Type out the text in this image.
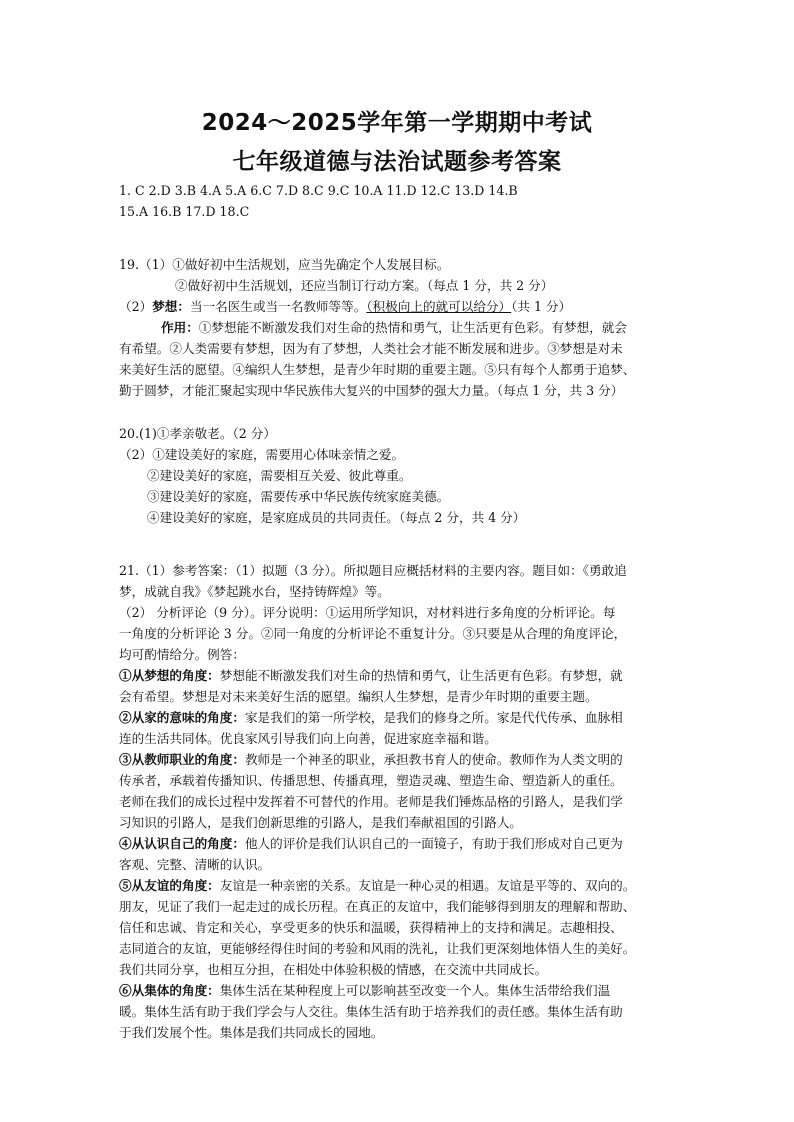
2024～2025学年第一学期期中考试
七年级道德与法治试题参考答案
1. C 2.D 3.B 4.A 5.A 6.C 7.D 8.C 9.C 10.A 11.D 12.C 13.D 14.B
15.A 16.B 17.D 18.C
19.（1）①做好初中生活规划，应当先确定个人发展目标。
②做好初中生活规划，还应当制订行动方案。（每点 1 分，共 2 分）
（2）梦想：当一名医生或当一名教师等等。（积极向上的就可以给分）（共 1 分）
作用：①梦想能不断激发我们对生命的热情和勇气，让生活更有色彩。有梦想，就会
有希望。②人类需要有梦想，因为有了梦想，人类社会才能不断发展和进步。③梦想是对未
来美好生活的愿望。④编织人生梦想，是青少年时期的重要主题。⑤只有每个人都勇于追梦、
勤于圆梦，才能汇聚起实现中华民族伟大复兴的中国梦的强大力量。（每点 1 分，共 3 分）
20.(1)①孝亲敬老。（2 分）
（2）①建设美好的家庭，需要用心体味亲情之爱。
②建设美好的家庭，需要相互关爱、彼此尊重。
③建设美好的家庭，需要传承中华民族传统家庭美德。
④建设美好的家庭，是家庭成员的共同责任。（每点 2 分，共 4 分）
21.（1）参考答案：（1）拟题（3 分）。所拟题目应概括材料的主要内容。题目如：《勇敢追
梦，成就自我》《梦起跳水台，坚持铸辉煌》等。
（2） 分析评论（9 分）。评分说明：①运用所学知识，对材料进行多角度的分析评论。每
一角度的分析评论 3 分。②同一角度的分析评论不重复计分。③只要是从合理的角度评论，
均可酌情给分。例答：
①从梦想的角度：梦想能不断激发我们对生命的热情和勇气，让生活更有色彩。有梦想，就
会有希望。梦想是对未来美好生活的愿望。编织人生梦想，是青少年时期的重要主题。
②从家的意味的角度：家是我们的第一所学校，是我们的修身之所。家是代代传承、血脉相
连的生活共同体。优良家风引导我们向上向善，促进家庭幸福和谐。
③从教师职业的角度：教师是一个神圣的职业，承担教书育人的使命。教师作为人类文明的
传承者，承载着传播知识、传播思想、传播真理，塑造灵魂、塑造生命、塑造新人的重任。
老师在我们的成长过程中发挥着不可替代的作用。老师是我们锤炼品格的引路人，是我们学
习知识的引路人，是我们创新思维的引路人，是我们奉献祖国的引路人。
④从认识自己的角度：他人的评价是我们认识自己的一面镜子，有助于我们形成对自己更为
客观、完整、清晰的认识。
⑤从友谊的角度：友谊是一种亲密的关系。友谊是一种心灵的相遇。友谊是平等的、双向的。
朋友，见证了我们一起走过的成长历程。在真正的友谊中，我们能够得到朋友的理解和帮助、
信任和忠诚、肯定和关心，享受更多的快乐和温暖，获得精神上的支持和满足。志趣相投、
志同道合的友谊，更能够经得住时间的考验和风雨的洗礼，让我们更深刻地体悟人生的美好。
我们共同分享，也相互分担，在相处中体验积极的情感，在交流中共同成长。
⑥从集体的角度：集体生活在某种程度上可以影响甚至改变一个人。集体生活带给我们温
暖。集体生活有助于我们学会与人交往。集体生活有助于培养我们的责任感。集体生活有助
于我们发展个性。集体是我们共同成长的园地。
